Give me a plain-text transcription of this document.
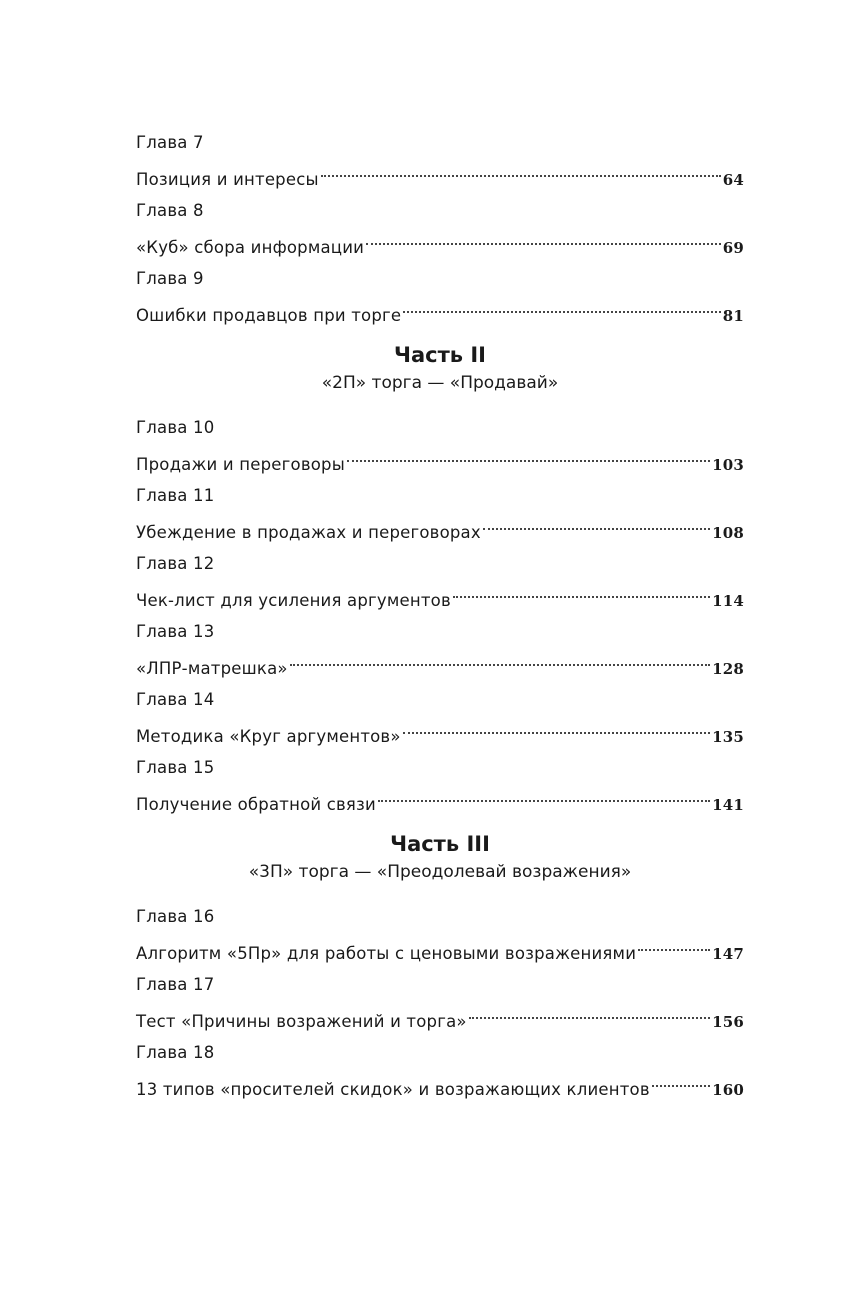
Глава 7
Позиция и интересы	64
Глава 8
«Куб» сбора информации	69
Глава 9
Ошибки продавцов при торге	81
Часть II
«2П» торга — «Продавай»
Глава 10
Продажи и переговоры	103
Глава 11
Убеждение в продажах и переговорах	108
Глава 12
Чек-лист для усиления аргументов	114
Глава 13
«ЛПР-матрешка»	128
Глава 14
Методика «Круг аргументов»	135
Глава 15
Получение обратной связи	141
Часть III
«3П» торга — «Преодолевай возражения»
Глава 16
Алгоритм «5Пр» для работы с ценовыми возражениями	147
Глава 17
Тест «Причины возражений и торга»	156
Глава 18
13 типов «просителей скидок» и возражающих клиентов	160
